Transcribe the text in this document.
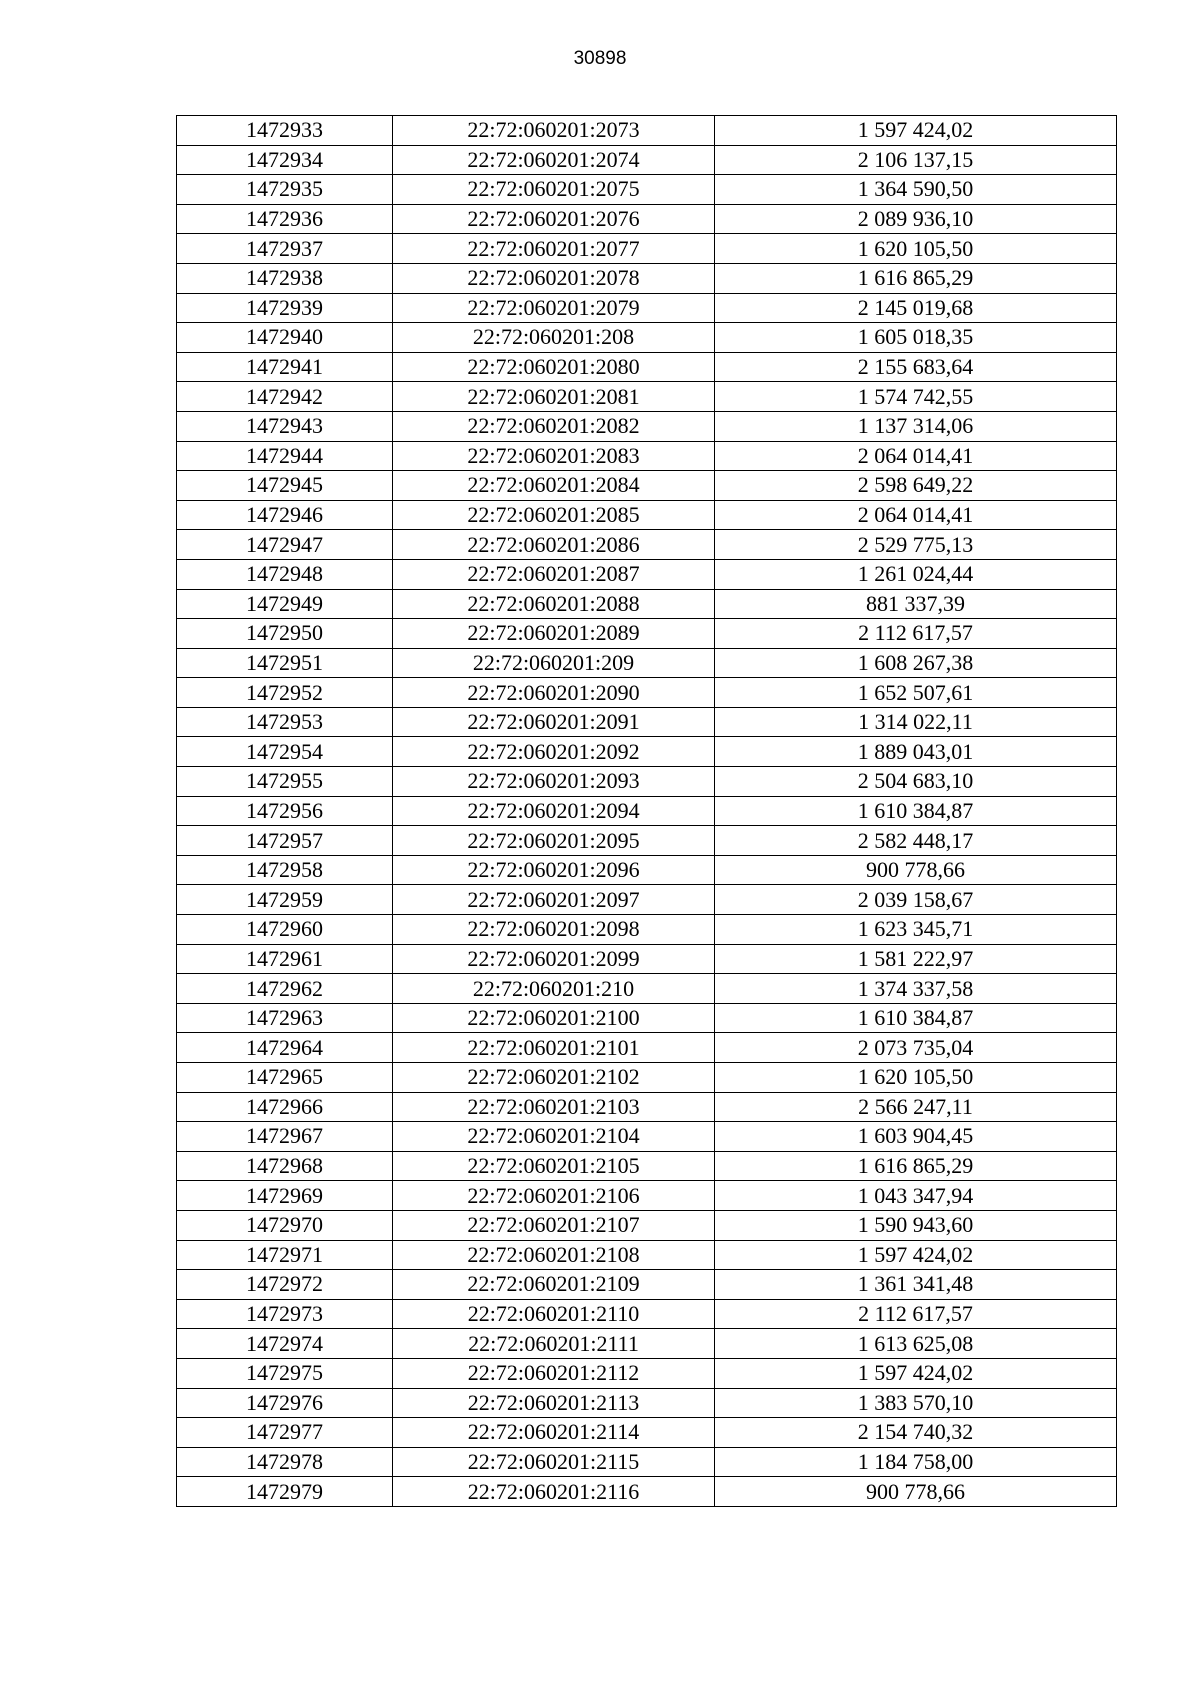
30898
1472933	22:72:060201:2073	1 597 424,02
1472934	22:72:060201:2074	2 106 137,15
1472935	22:72:060201:2075	1 364 590,50
1472936	22:72:060201:2076	2 089 936,10
1472937	22:72:060201:2077	1 620 105,50
1472938	22:72:060201:2078	1 616 865,29
1472939	22:72:060201:2079	2 145 019,68
1472940	22:72:060201:208	1 605 018,35
1472941	22:72:060201:2080	2 155 683,64
1472942	22:72:060201:2081	1 574 742,55
1472943	22:72:060201:2082	1 137 314,06
1472944	22:72:060201:2083	2 064 014,41
1472945	22:72:060201:2084	2 598 649,22
1472946	22:72:060201:2085	2 064 014,41
1472947	22:72:060201:2086	2 529 775,13
1472948	22:72:060201:2087	1 261 024,44
1472949	22:72:060201:2088	881 337,39
1472950	22:72:060201:2089	2 112 617,57
1472951	22:72:060201:209	1 608 267,38
1472952	22:72:060201:2090	1 652 507,61
1472953	22:72:060201:2091	1 314 022,11
1472954	22:72:060201:2092	1 889 043,01
1472955	22:72:060201:2093	2 504 683,10
1472956	22:72:060201:2094	1 610 384,87
1472957	22:72:060201:2095	2 582 448,17
1472958	22:72:060201:2096	900 778,66
1472959	22:72:060201:2097	2 039 158,67
1472960	22:72:060201:2098	1 623 345,71
1472961	22:72:060201:2099	1 581 222,97
1472962	22:72:060201:210	1 374 337,58
1472963	22:72:060201:2100	1 610 384,87
1472964	22:72:060201:2101	2 073 735,04
1472965	22:72:060201:2102	1 620 105,50
1472966	22:72:060201:2103	2 566 247,11
1472967	22:72:060201:2104	1 603 904,45
1472968	22:72:060201:2105	1 616 865,29
1472969	22:72:060201:2106	1 043 347,94
1472970	22:72:060201:2107	1 590 943,60
1472971	22:72:060201:2108	1 597 424,02
1472972	22:72:060201:2109	1 361 341,48
1472973	22:72:060201:2110	2 112 617,57
1472974	22:72:060201:2111	1 613 625,08
1472975	22:72:060201:2112	1 597 424,02
1472976	22:72:060201:2113	1 383 570,10
1472977	22:72:060201:2114	2 154 740,32
1472978	22:72:060201:2115	1 184 758,00
1472979	22:72:060201:2116	900 778,66
